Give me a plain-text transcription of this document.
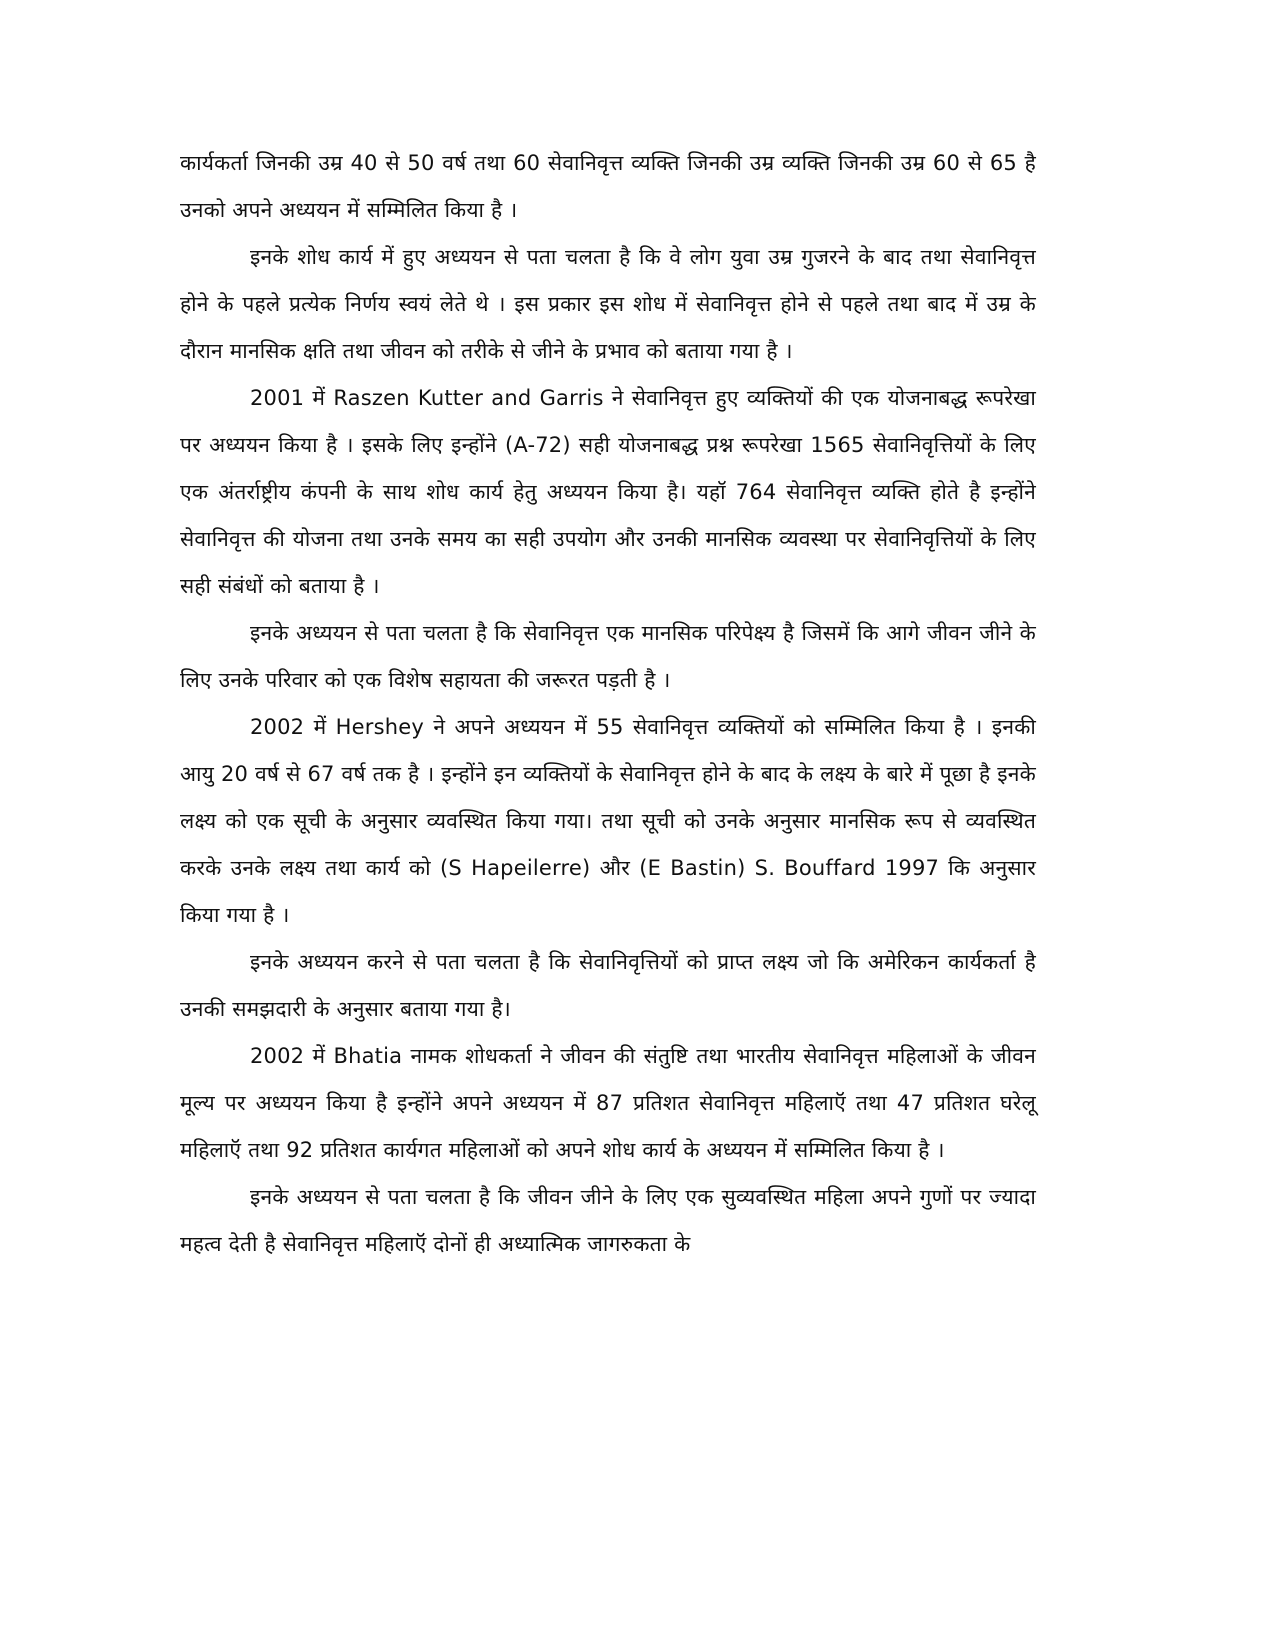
कार्यकर्ता जिनकी उम्र 40 से 50 वर्ष तथा 60 सेवानिवृत्त व्यक्ति जिनकी उम्र व्यक्ति जिनकी उम्र 60 से 65 है उनको अपने अध्ययन में सम्मिलित किया है ।

इनके शोध कार्य में हुए अध्ययन से पता चलता है कि वे लोग युवा उम्र गुजरने के बाद तथा सेवानिवृत्त होने के पहले प्रत्येक निर्णय स्वयं लेते थे । इस प्रकार इस शोध में सेवानिवृत्त होने से पहले तथा बाद में उम्र के दौरान मानसिक क्षति तथा जीवन को तरीके से जीने के प्रभाव को बताया गया है ।

2001 में Raszen Kutter and Garris ने सेवानिवृत्त हुए व्यक्तियों की एक योजनाबद्ध रूपरेखा पर अध्ययन किया है । इसके लिए इन्होंने (A-72) सही योजनाबद्ध प्रश्न रूपरेखा 1565 सेवानिवृत्तियों के लिए एक अंतर्राष्ट्रीय कंपनी के साथ शोध कार्य हेतु अध्ययन किया है। यहॉ 764 सेवानिवृत्त व्यक्ति होते है इन्होंने सेवानिवृत्त की योजना तथा उनके समय का सही उपयोग और उनकी मानसिक व्यवस्था पर सेवानिवृत्तियों के लिए सही संबंधों को बताया है ।

इनके अध्ययन से पता चलता है कि सेवानिवृत्त एक मानसिक परिपेक्ष्य है जिसमें कि आगे जीवन जीने के लिए उनके परिवार को एक विशेष सहायता की जरूरत पड़ती है ।

2002 में Hershey ने अपने अध्ययन में 55 सेवानिवृत्त व्यक्तियों को सम्मिलित किया है । इनकी आयु 20 वर्ष से 67 वर्ष तक है । इन्होंने इन व्यक्तियों के सेवानिवृत्त होने के बाद के लक्ष्य के बारे में पूछा है इनके लक्ष्य को एक सूची के अनुसार व्यवस्थित किया गया। तथा सूची को उनके अनुसार मानसिक रूप से व्यवस्थित करके उनके लक्ष्य तथा कार्य को (S Hapeilerre) और (E Bastin) S. Bouffard 1997 कि अनुसार किया गया है ।

इनके अध्ययन करने से पता चलता है कि सेवानिवृत्तियों को प्राप्त लक्ष्य जो कि अमेरिकन कार्यकर्ता है उनकी समझदारी के अनुसार बताया गया है।

2002 में Bhatia नामक शोधकर्ता ने जीवन की संतुष्टि तथा भारतीय सेवानिवृत्त महिलाओं के जीवन मूल्य पर अध्ययन किया है इन्होंने अपने अध्ययन में 87 प्रतिशत सेवानिवृत्त महिलाऍ तथा 47 प्रतिशत घरेलू महिलाऍ तथा 92 प्रतिशत कार्यगत महिलाओं को अपने शोध कार्य के अध्ययन में सम्मिलित किया है ।

इनके अध्ययन से पता चलता है कि जीवन जीने के लिए एक सुव्यवस्थित महिला अपने गुणों पर ज्यादा महत्व देती है सेवानिवृत्त महिलाऍ दोनों ही अध्यात्मिक जागरुकता के
